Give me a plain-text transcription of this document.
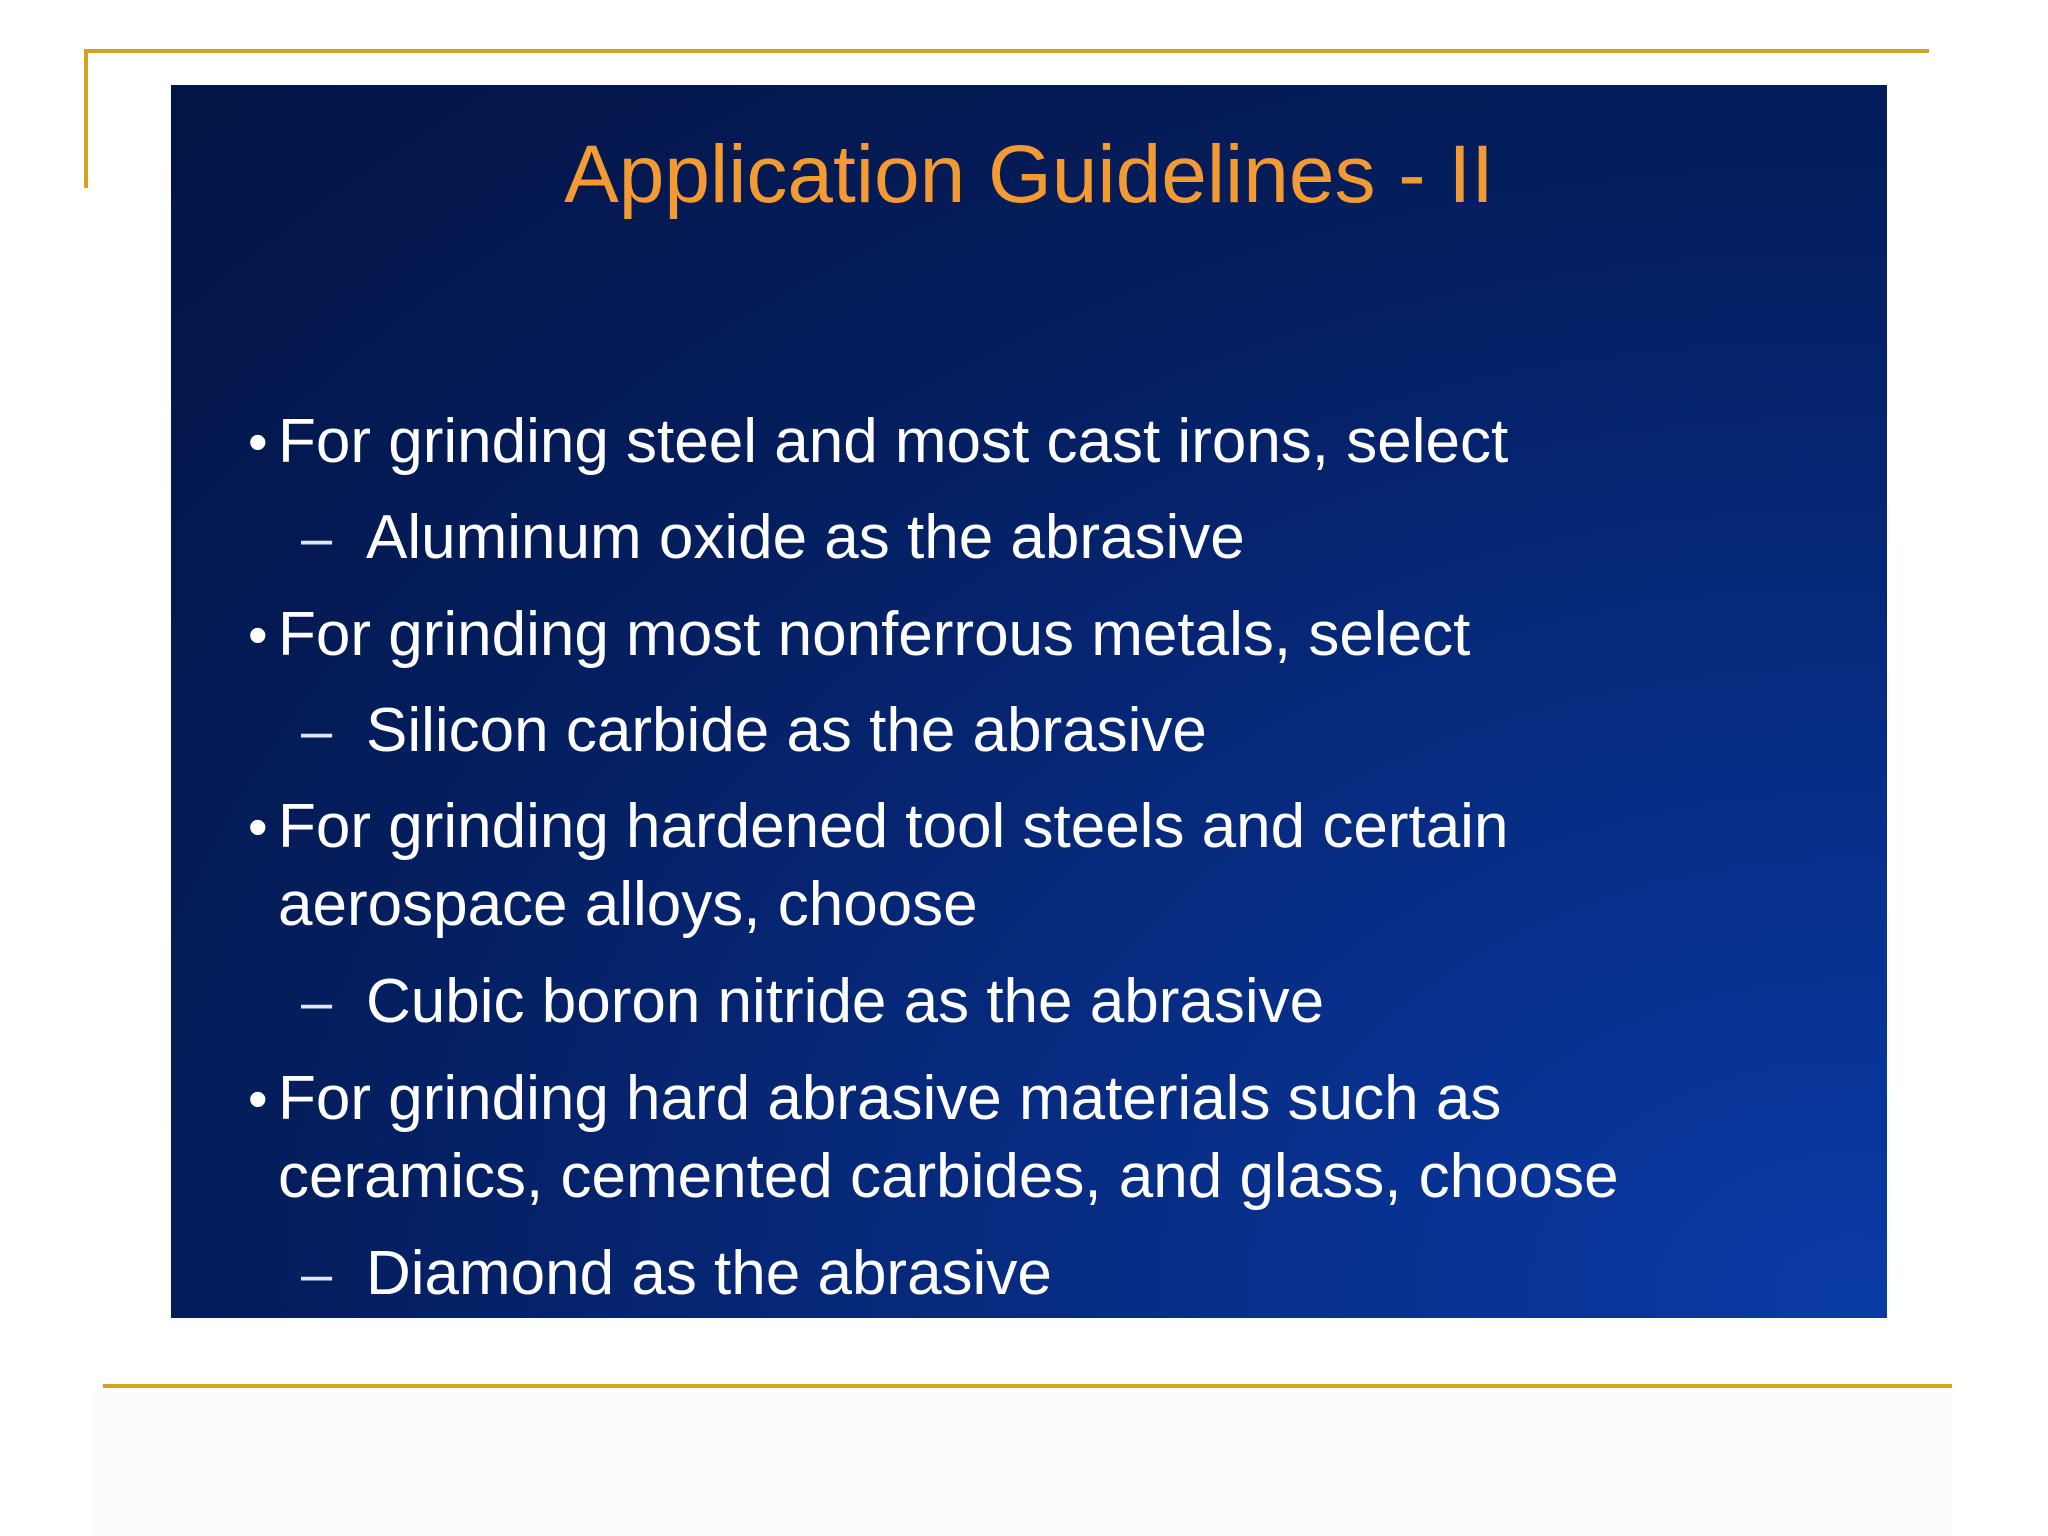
Application Guidelines - II
• For grinding steel and most cast irons, select
– Aluminum oxide as the abrasive
• For grinding most nonferrous metals, select
– Silicon carbide as the abrasive
• For grinding hardened tool steels and certain
aerospace alloys, choose
– Cubic boron nitride as the abrasive
• For grinding hard abrasive materials such as
ceramics, cemented carbides, and glass, choose
– Diamond as the abrasive
